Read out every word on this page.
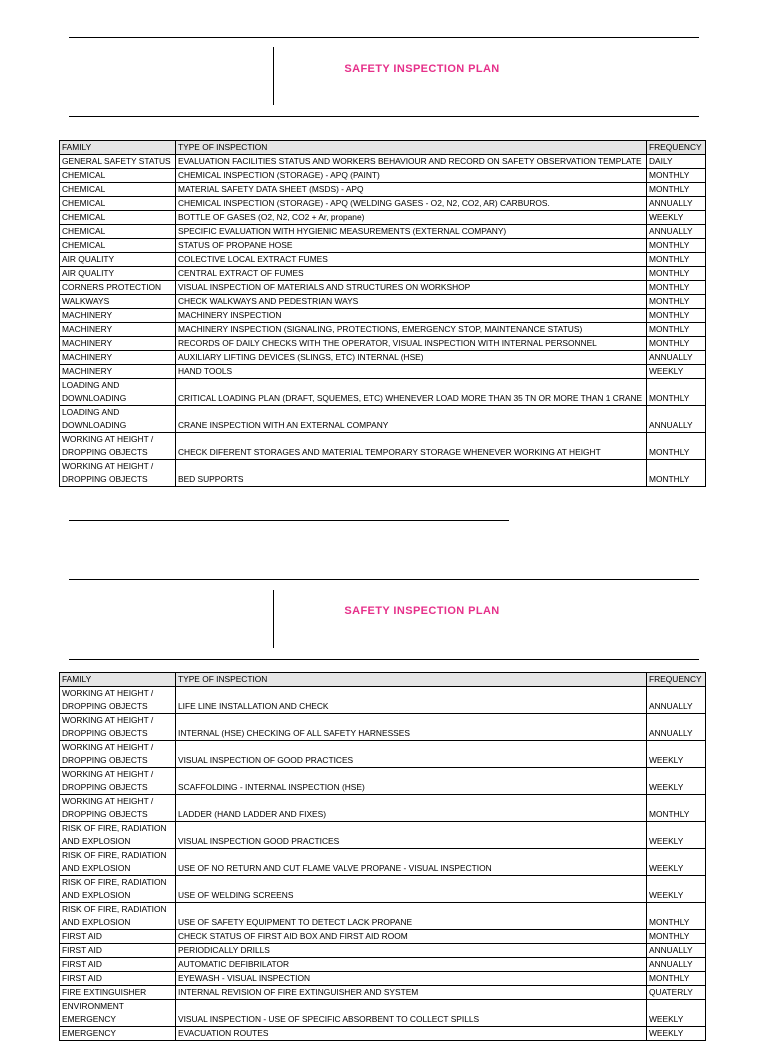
SAFETY INSPECTION PLAN
FAMILY	TYPE OF INSPECTION	FREQUENCY
GENERAL SAFETY STATUS	EVALUATION FACILITIES STATUS AND WORKERS BEHAVIOUR AND RECORD ON SAFETY OBSERVATION TEMPLATE	DAILY
CHEMICAL	CHEMICAL INSPECTION (STORAGE) - APQ (PAINT)	MONTHLY
CHEMICAL	MATERIAL SAFETY DATA SHEET (MSDS) - APQ	MONTHLY
CHEMICAL	CHEMICAL INSPECTION (STORAGE) - APQ (WELDING GASES - O2, N2, CO2, AR) CARBUROS.	ANNUALLY
CHEMICAL	BOTTLE OF GASES (O2, N2, CO2 + Ar, propane)	WEEKLY
CHEMICAL	SPECIFIC EVALUATION WITH HYGIENIC MEASUREMENTS (EXTERNAL COMPANY)	ANNUALLY
CHEMICAL	STATUS OF PROPANE HOSE	MONTHLY
AIR QUALITY	COLECTIVE LOCAL EXTRACT FUMES	MONTHLY
AIR QUALITY	CENTRAL EXTRACT OF FUMES	MONTHLY
CORNERS PROTECTION	VISUAL INSPECTION OF MATERIALS AND STRUCTURES ON WORKSHOP	MONTHLY
WALKWAYS	CHECK WALKWAYS AND PEDESTRIAN WAYS	MONTHLY
MACHINERY	MACHINERY INSPECTION	MONTHLY
MACHINERY	MACHINERY INSPECTION (SIGNALING, PROTECTIONS, EMERGENCY STOP, MAINTENANCE STATUS)	MONTHLY
MACHINERY	RECORDS OF DAILY CHECKS WITH THE OPERATOR, VISUAL INSPECTION WITH INTERNAL PERSONNEL	MONTHLY
MACHINERY	AUXILIARY LIFTING DEVICES (SLINGS, ETC) INTERNAL (HSE)	ANNUALLY
MACHINERY	HAND TOOLS	WEEKLY
LOADING AND
DOWNLOADING	CRITICAL LOADING PLAN (DRAFT, SQUEMES, ETC) WHENEVER LOAD MORE THAN 35 TN OR MORE THAN 1 CRANE	MONTHLY
LOADING AND
DOWNLOADING	CRANE INSPECTION WITH AN EXTERNAL COMPANY	ANNUALLY
WORKING AT HEIGHT /
DROPPING OBJECTS	CHECK DIFERENT STORAGES AND MATERIAL TEMPORARY STORAGE WHENEVER WORKING AT HEIGHT	MONTHLY
WORKING AT HEIGHT /
DROPPING OBJECTS	BED SUPPORTS	MONTHLY
SAFETY INSPECTION PLAN
FAMILY	TYPE OF INSPECTION	FREQUENCY
WORKING AT HEIGHT /
DROPPING OBJECTS	LIFE LINE INSTALLATION AND CHECK	ANNUALLY
WORKING AT HEIGHT /
DROPPING OBJECTS	INTERNAL (HSE) CHECKING OF ALL SAFETY HARNESSES	ANNUALLY
WORKING AT HEIGHT /
DROPPING OBJECTS	VISUAL INSPECTION OF GOOD PRACTICES	WEEKLY
WORKING AT HEIGHT /
DROPPING OBJECTS	SCAFFOLDING - INTERNAL INSPECTION (HSE)	WEEKLY
WORKING AT HEIGHT /
DROPPING OBJECTS	LADDER (HAND LADDER AND FIXES)	MONTHLY
RISK OF FIRE, RADIATION
AND EXPLOSION	VISUAL INSPECTION GOOD PRACTICES	WEEKLY
RISK OF FIRE, RADIATION
AND EXPLOSION	USE OF NO RETURN AND CUT FLAME VALVE PROPANE - VISUAL INSPECTION	WEEKLY
RISK OF FIRE, RADIATION
AND EXPLOSION	USE OF WELDING SCREENS	WEEKLY
RISK OF FIRE, RADIATION
AND EXPLOSION	USE OF SAFETY EQUIPMENT TO DETECT LACK PROPANE	MONTHLY
FIRST AID	CHECK STATUS OF FIRST AID BOX AND FIRST AID ROOM	MONTHLY
FIRST AID	PERIODICALLY DRILLS	ANNUALLY
FIRST AID	AUTOMATIC DEFIBRILATOR	ANNUALLY
FIRST AID	EYEWASH - VISUAL INSPECTION	MONTHLY
FIRE EXTINGUISHER	INTERNAL REVISION OF FIRE EXTINGUISHER AND SYSTEM	QUATERLY
ENVIRONMENT
EMERGENCY	VISUAL INSPECTION - USE OF SPECIFIC ABSORBENT TO COLLECT SPILLS	WEEKLY
EMERGENCY	EVACUATION ROUTES	WEEKLY
